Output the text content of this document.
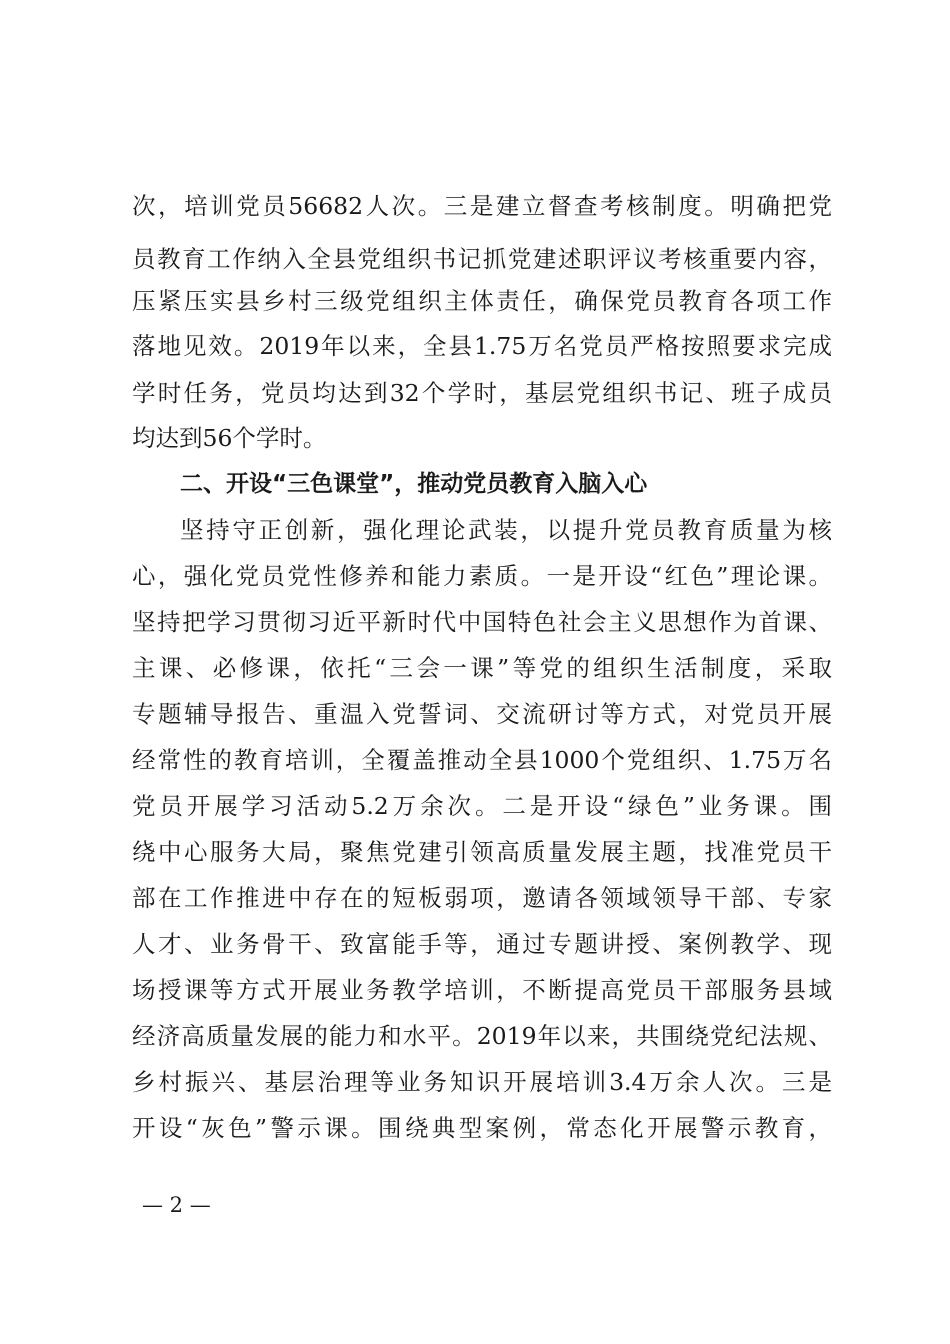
次，培训党员56682人次。三是建立督查考核制度。明确把党
员教育工作纳入全县党组织书记抓党建述职评议考核重要内容，
压紧压实县乡村三级党组织主体责任，确保党员教育各项工作
落地见效。2019年以来，全县1.75万名党员严格按照要求完成
学时任务，党员均达到32个学时，基层党组织书记、班子成员
均达到56个学时。
二、开设“三色课堂”，推动党员教育入脑入心
坚持守正创新，强化理论武装，以提升党员教育质量为核
心，强化党员党性修养和能力素质。一是开设“红色”理论课。
坚持把学习贯彻习近平新时代中国特色社会主义思想作为首课、
主课、必修课，依托“三会一课”等党的组织生活制度，采取
专题辅导报告、重温入党誓词、交流研讨等方式，对党员开展
经常性的教育培训，全覆盖推动全县1000个党组织、1.75万名
党员开展学习活动5.2万余次。二是开设“绿色”业务课。围
绕中心服务大局，聚焦党建引领高质量发展主题，找准党员干
部在工作推进中存在的短板弱项，邀请各领域领导干部、专家
人才、业务骨干、致富能手等，通过专题讲授、案例教学、现
场授课等方式开展业务教学培训，不断提高党员干部服务县域
经济高质量发展的能力和水平。2019年以来，共围绕党纪法规、
乡村振兴、基层治理等业务知识开展培训3.4万余人次。三是
开设“灰色”警示课。围绕典型案例，常态化开展警示教育，
— 2 —
